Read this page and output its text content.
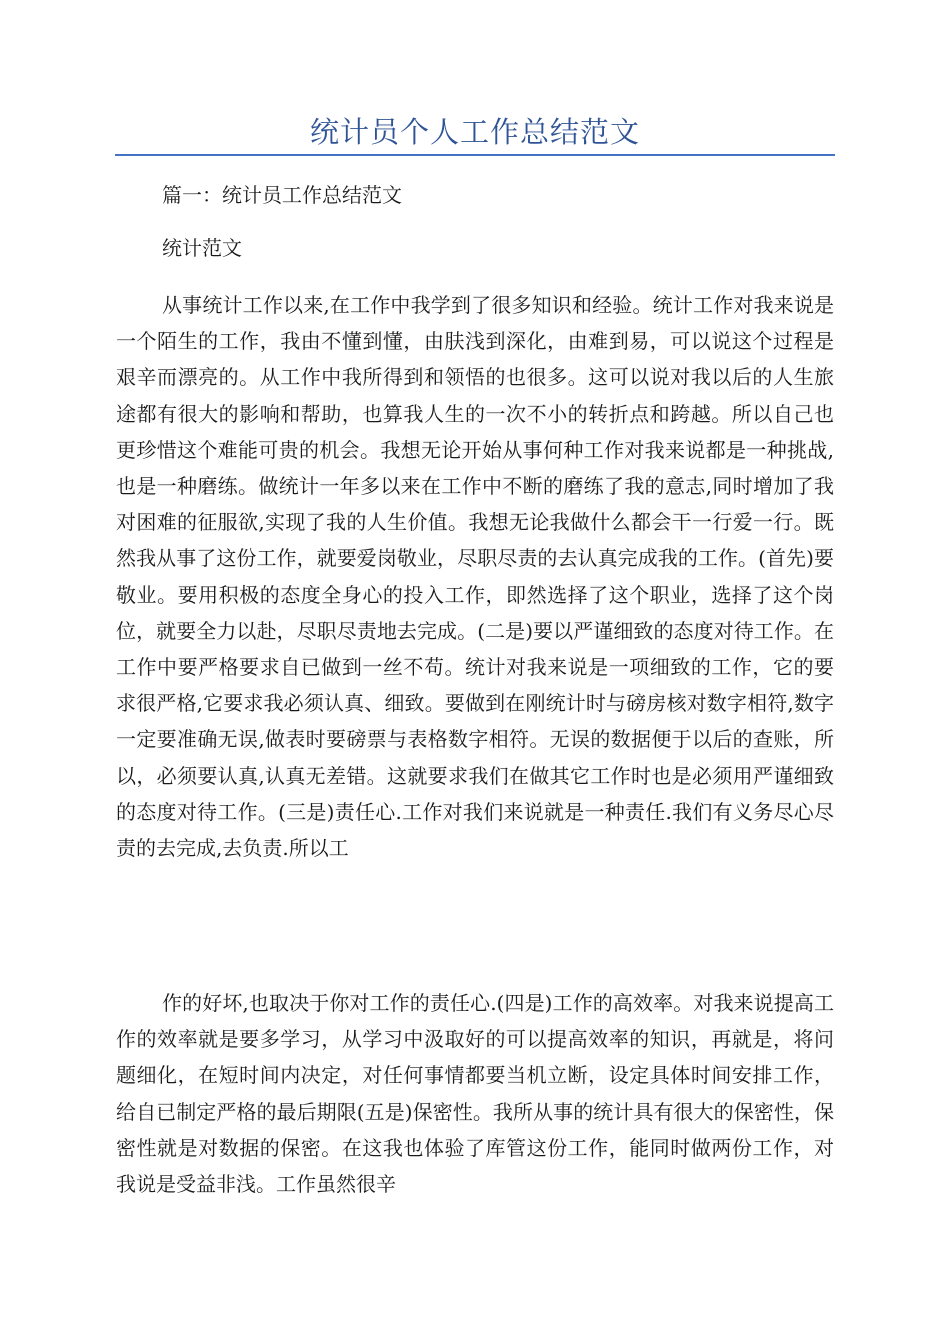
统计员个人工作总结范文

篇一：统计员工作总结范文

统计范文

从事统计工作以来,在工作中我学到了很多知识和经验。统计工作对我来说是一个陌生的工作，我由不懂到懂，由肤浅到深化，由难到易，可以说这个过程是艰辛而漂亮的。从工作中我所得到和领悟的也很多。这可以说对我以后的人生旅途都有很大的影响和帮助，也算我人生的一次不小的转折点和跨越。所以自己也更珍惜这个难能可贵的机会。我想无论开始从事何种工作对我来说都是一种挑战,也是一种磨练。做统计一年多以来在工作中不断的磨练了我的意志,同时增加了我对困难的征服欲,实现了我的人生价值。我想无论我做什么都会干一行爱一行。既然我从事了这份工作，就要爱岗敬业，尽职尽责的去认真完成我的工作。(首先)要敬业。要用积极的态度全身心的投入工作，即然选择了这个职业，选择了这个岗位，就要全力以赴，尽职尽责地去完成。(二是)要以严谨细致的态度对待工作。在工作中要严格要求自已做到一丝不苟。统计对我来说是一项细致的工作，它的要求很严格,它要求我必须认真、细致。要做到在刚统计时与磅房核对数字相符,数字一定要准确无误,做表时要磅票与表格数字相符。无误的数据便于以后的查账，所以，必须要认真,认真无差错。这就要求我们在做其它工作时也是必须用严谨细致的态度对待工作。(三是)责任心.工作对我们来说就是一种责任.我们有义务尽心尽责的去完成,去负责.所以工

作的好坏,也取决于你对工作的责任心.(四是)工作的高效率。对我来说提高工作的效率就是要多学习，从学习中汲取好的可以提高效率的知识，再就是，将问题细化，在短时间内决定，对任何事情都要当机立断，设定具体时间安排工作，给自已制定严格的最后期限(五是)保密性。我所从事的统计具有很大的保密性，保密性就是对数据的保密。在这我也体验了库管这份工作，能同时做两份工作，对我说是受益非浅。工作虽然很辛
